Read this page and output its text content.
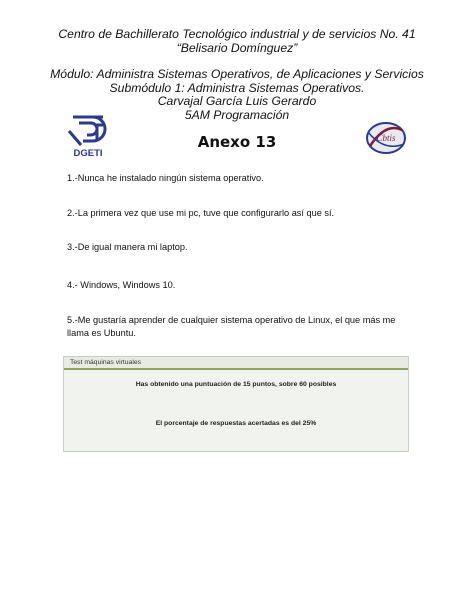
Centro de Bachillerato Tecnológico industrial y de servicios No. 41
“Belisario Domínguez”
Módulo: Administra Sistemas Operativos, de Aplicaciones y Servicios
Submódulo 1: Administra Sistemas Operativos.
Carvajal García Luis Gerardo
5AM Programación
DGETI
Cbtis
Anexo 13
1.-Nunca he instalado ningún sistema operativo.
2.-La primera vez que use mi pc, tuve que configurarlo así que sí.
3.-De igual manera mi laptop.
4.- Windows, Windows 10.
5.-Me gustaría aprender de cualquier sistema operativo de Linux, el que más me llama es Ubuntu.
Test máquinas virtuales
Has obtenido una puntuación de 15 puntos, sobre 60 posibles
El porcentaje de respuestas acertadas es del 25%
